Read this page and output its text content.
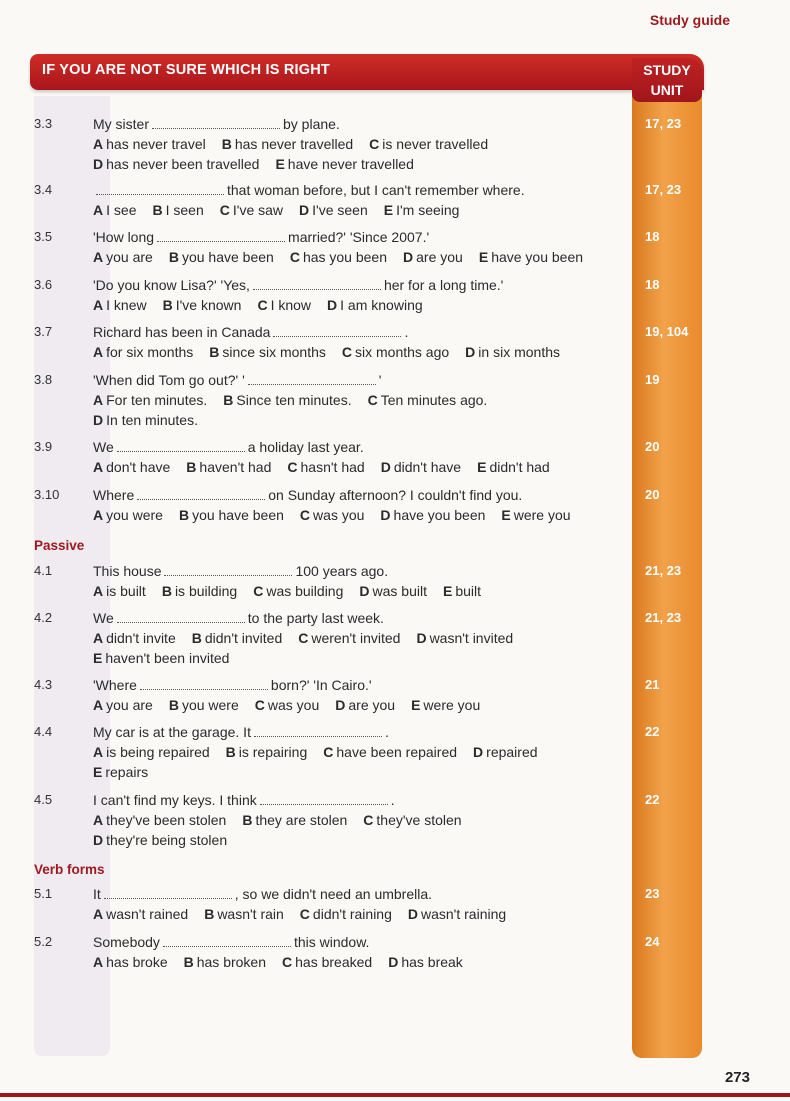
Study guide
IF YOU ARE NOT SURE WHICH IS RIGHT	STUDY
UNIT
Passive
Verb forms
3.3	My sister	by plane.
A has never travel B has never travelled C is never travelled
D has never been travelled E have never travelled
17, 23
3.4	that woman before, but I can't remember where.
A I see B I seen C I've saw D I've seen E I'm seeing
17, 23
3.5	'How long	married?' 'Since 2007.'
A you are B you have been C has you been D are you E have you been
18
3.6	'Do you know Lisa?' 'Yes,	her for a long time.'
A I knew B I've known C I know D I am knowing
18
3.7	Richard has been in Canada	.
A for six months B since six months C six months ago D in six months
19, 104
3.8	'When did Tom go out?' '	'
A For ten minutes. B Since ten minutes. C Ten minutes ago.
D In ten minutes.
19
3.9	We	a holiday last year.
A don't have B haven't had C hasn't had D didn't have E didn't had
20
3.10 Where	on Sunday afternoon? I couldn't find you.
A you were B you have been C was you D have you been E were you
20
4.1	This house	100 years ago.
A is built B is building C was building D was built E built
21, 23
4.2	We	to the party last week.
A didn't invite B didn't invited C weren't invited D wasn't invited
E haven't been invited
21, 23
4.3	'Where	born?' 'In Cairo.'
A you are B you were C was you D are you E were you
21
4.4	My car is at the garage. It	.
A is being repaired B is repairing C have been repaired D repaired
E repairs
22
4.5	I can't find my keys. I think	.
A they've been stolen B they are stolen C they've stolen
D they're being stolen
22
5.1	It	, so we didn't need an umbrella.
A wasn't rained B wasn't rain C didn't raining D wasn't raining
23
5.2	Somebody	this window.
A has broke B has broken C has breaked D has break
24
273
